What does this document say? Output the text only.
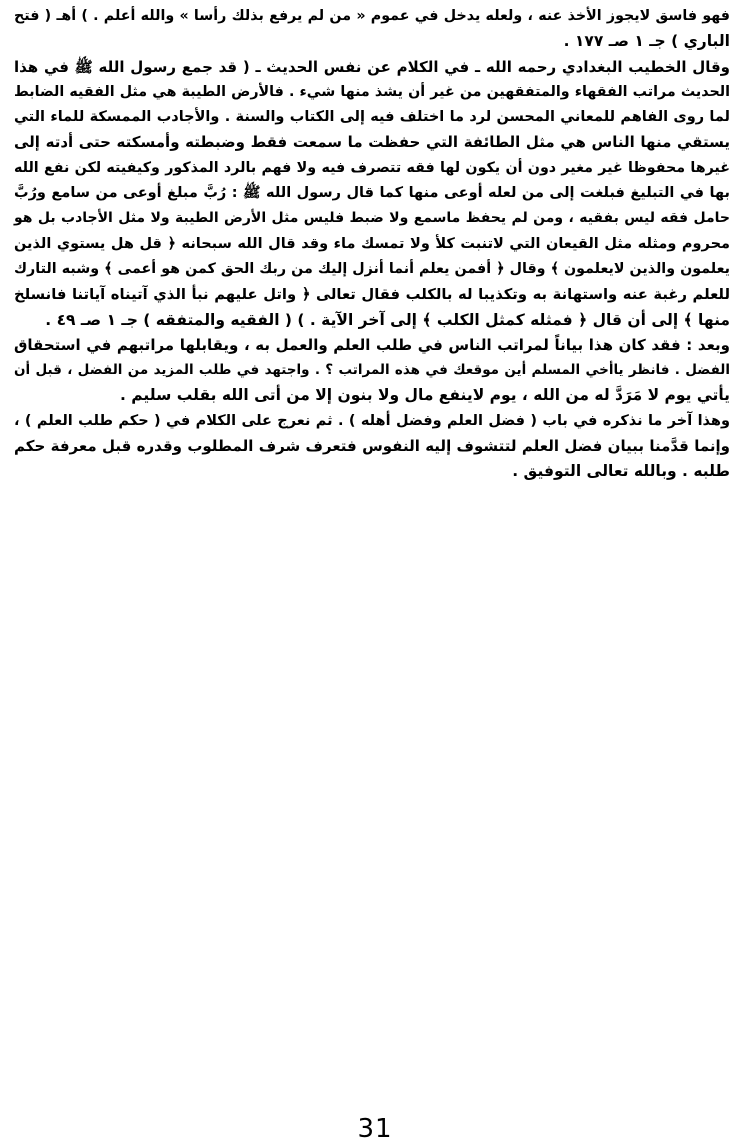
فهو فاسق لايجوز الأخذ عنه ، ولعله يدخل في عموم « من لم يرفع بذلك رأسا » والله أعلم . ) أهـ ( فتح
الباري ) جـ ١ صـ ١٧٧ .

وقال الخطيب البغدادي رحمه الله ـ في الكلام عن نفس الحديث ـ ( قد جمع رسول الله ﷺ في هذا
الحديث مراتب الفقهاء والمتفقهين من غير أن يشذ منها شيء . فالأرض الطيبة هي مثل الفقيه الضابط
لما روى الفاهم للمعاني المحسن لرد ما اختلف فيه إلى الكتاب والسنة . والأجادب الممسكة للماء التي
يستقي منها الناس هي مثل الطائفة التي حفظت ما سمعت فقط وضبطته وأمسكته حتى أدته إلى
غيرها محفوظا غير مغير دون أن يكون لها فقه تتصرف فيه ولا فهم بالرد المذكور وكيفيته لكن نفع الله
بها في التبليغ فبلغت إلى من لعله أوعى منها كما قال رسول الله ﷺ : رُبَّ مبلغ أوعى من سامع ورُبَّ
حامل فقه ليس بفقيه ، ومن لم يحفظ ماسمع ولا ضبط فليس مثل الأرض الطيبة ولا مثل الأجادب بل هو
محروم ومثله مثل القيعان التي لاتنبت كلأ ولا تمسك ماء وقد قال الله سبحانه ﴿ قل هل يستوي الذين
يعلمون والذين لايعلمون ﴾ وقال ﴿ أفمن يعلم أنما أنزل إليك من ربك الحق كمن هو أعمى ﴾ وشبه التارك
للعلم رغبة عنه واستهانة به وتكذيبا له بالكلب فقال تعالى ﴿ واتل عليهم نبأ الذي آتيناه آياتنا فانسلخ
منها ﴾ إلى أن قال ﴿ فمثله كمثل الكلب ﴾ إلى آخر الآية . ) ( الفقيه والمتفقه ) جـ ١ صـ ٤٩ .

وبعد : فقد كان هذا بياناً لمراتب الناس في طلب العلم والعمل به ، ويقابلها مراتبهم في استحقاق
الفضل . فانظر ياأخي المسلم أين موقعك في هذه المراتب ؟ . واجتهد في طلب المزيد من الفضل ، قبل أن
يأتي يوم لا مَرَدَّ له من الله ، يوم لاينفع مال ولا بنون إلا من أتى الله بقلب سليم .

وهذا آخر ما نذكره في باب ( فضل العلم وفضل أهله ) . ثم نعرج على الكلام في ( حكم طلب العلم ) ،
وإنما قدَّمنا ببيان فضل العلم لتتشوف إليه النفوس فتعرف شرف المطلوب وقدره قبل معرفة حكم
طلبه . وبالله تعالى التوفيق .

31
